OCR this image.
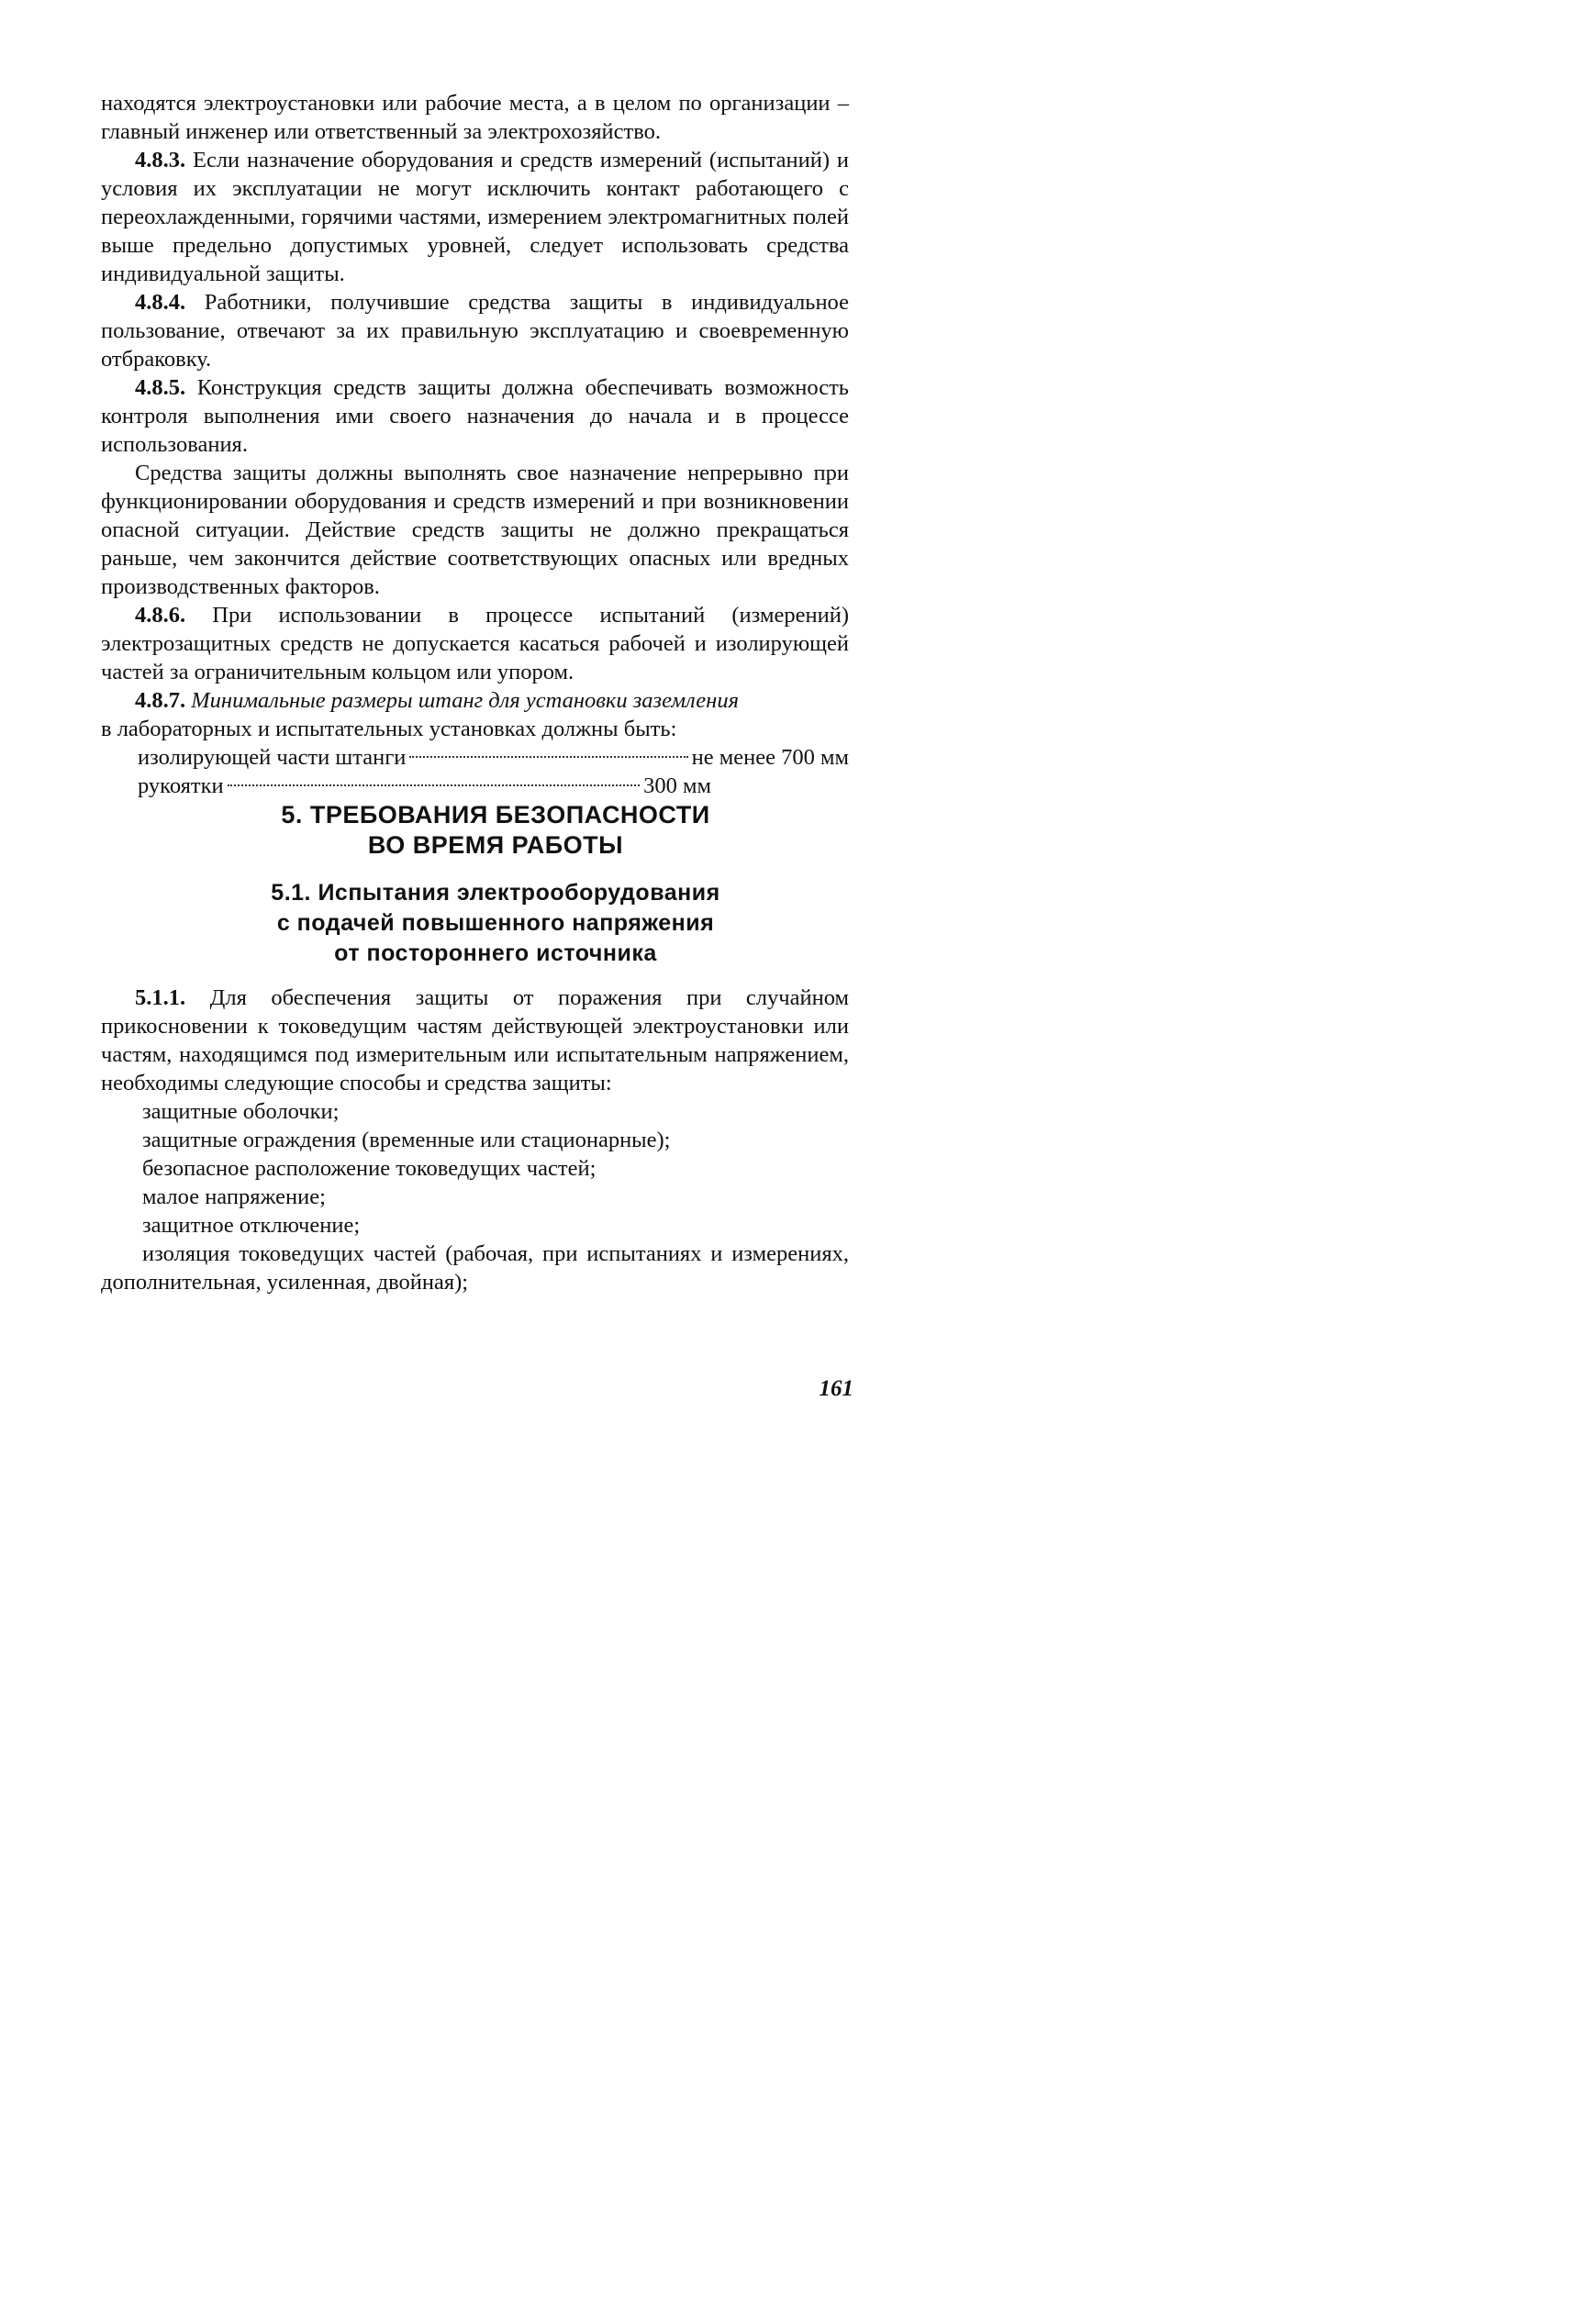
находятся электроустановки или рабочие места, а в целом по организации – главный инженер или ответственный за электрохозяйство.

4.8.3. Если назначение оборудования и средств измерений (испытаний) и условия их эксплуатации не могут исключить контакт работающего с переохлажденными, горячими частями, измерением электромагнитных полей выше предельно допустимых уровней, следует использовать средства индивидуальной защиты.

4.8.4. Работники, получившие средства защиты в индивидуальное пользование, отвечают за их правильную эксплуатацию и своевременную отбраковку.

4.8.5. Конструкция средств защиты должна обеспечивать возможность контроля выполнения ими своего назначения до начала и в процессе использования.

Средства защиты должны выполнять свое назначение непрерывно при функционировании оборудования и средств измерений и при возникновении опасной ситуации. Действие средств защиты не должно прекращаться раньше, чем закончится действие соответствующих опасных или вредных производственных факторов.

4.8.6. При использовании в процессе испытаний (измерений) электрозащитных средств не допускается касаться рабочей и изолирующей частей за ограничительным кольцом или упором.

4.8.7. Минимальные размеры штанг для установки заземления

в лабораторных и испытательных установках должны быть:

изолирующей части штанги	не менее 700 мм
рукоятки	300 мм
5. ТРЕБОВАНИЯ БЕЗОПАСНОСТИ
ВО ВРЕМЯ РАБОТЫ
5.1. Испытания электрооборудования
с подачей повышенного напряжения
от постороннего источника

5.1.1. Для обеспечения защиты от поражения при случайном прикосновении к токоведущим частям действующей электроустановки или частям, находящимся под измерительным или испытательным напряжением, необходимы следующие способы и средства защиты:

защитные оболочки;

защитные ограждения (временные или стационарные);

безопасное расположение токоведущих частей;

малое напряжение;

защитное отключение;

изоляция токоведущих частей (рабочая, при испытаниях и измерениях, дополнительная, усиленная, двойная);

161
